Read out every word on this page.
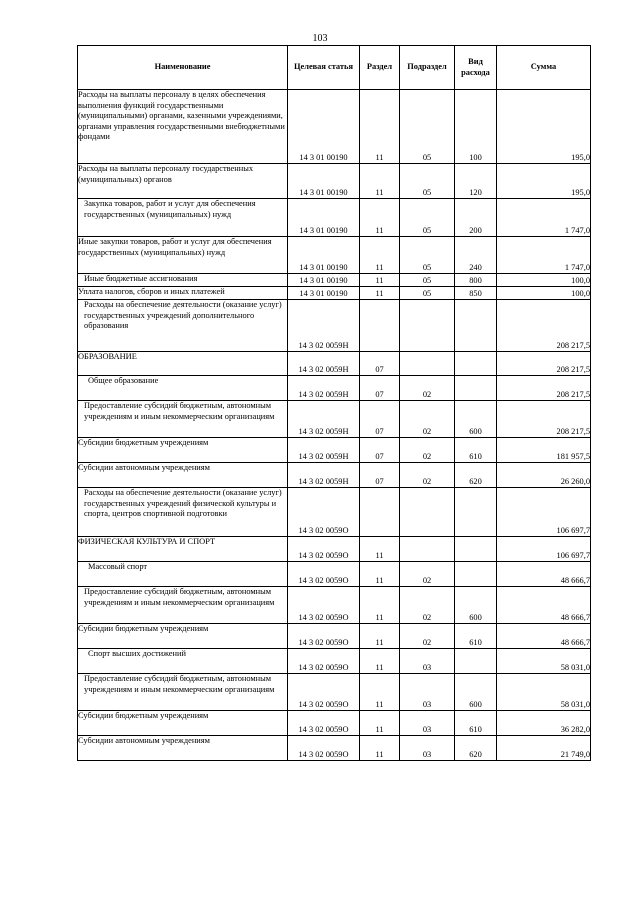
103
Наименование	Целевая статья	Раздел	Подраздел	Вид расхода	Сумма
Расходы на выплаты персоналу в целях обеспечения выполнения функций государственными (муниципальными) органами, казенными учреждениями, органами управления государственными внебюджетными фондами	14 3 01 00190	11	05	100	195,0
Расходы на выплаты персоналу государственных (муниципальных) органов	14 3 01 00190	11	05	120	195,0
Закупка товаров, работ и услуг для обеспечения государственных (муниципальных) нужд	14 3 01 00190	11	05	200	1 747,0
Иные закупки товаров, работ и услуг для обеспечения государственных (муниципальных) нужд	14 3 01 00190	11	05	240	1 747,0
Иные бюджетные ассигнования	14 3 01 00190	11	05	800	100,0
Уплата налогов, сборов и иных платежей	14 3 01 00190	11	05	850	100,0
Расходы на обеспечение деятельности (оказание услуг) государственных учреждений дополнительного образования	14 3 02 0059Н				208 217,5
ОБРАЗОВАНИЕ	14 3 02 0059Н	07			208 217,5
Общее образование	14 3 02 0059Н	07	02		208 217,5
Предоставление субсидий бюджетным, автономным учреждениям и иным некоммерческим организациям	14 3 02 0059Н	07	02	600	208 217,5
Субсидии бюджетным учреждениям	14 3 02 0059Н	07	02	610	181 957,5
Субсидии автономным учреждениям	14 3 02 0059Н	07	02	620	26 260,0
Расходы на обеспечение деятельности (оказание услуг) государственных учреждений физической культуры и спорта, центров спортивной подготовки	14 3 02 0059О				106 697,7
ФИЗИЧЕСКАЯ КУЛЬТУРА И СПОРТ	14 3 02 0059О	11			106 697,7
Массовый спорт	14 3 02 0059О	11	02		48 666,7
Предоставление субсидий бюджетным, автономным учреждениям и иным некоммерческим организациям	14 3 02 0059О	11	02	600	48 666,7
Субсидии бюджетным учреждениям	14 3 02 0059О	11	02	610	48 666,7
Спорт высших достижений	14 3 02 0059О	11	03		58 031,0
Предоставление субсидий бюджетным, автономным учреждениям и иным некоммерческим организациям	14 3 02 0059О	11	03	600	58 031,0
Субсидии бюджетным учреждениям	14 3 02 0059О	11	03	610	36 282,0
Субсидии автономным учреждениям	14 3 02 0059О	11	03	620	21 749,0
